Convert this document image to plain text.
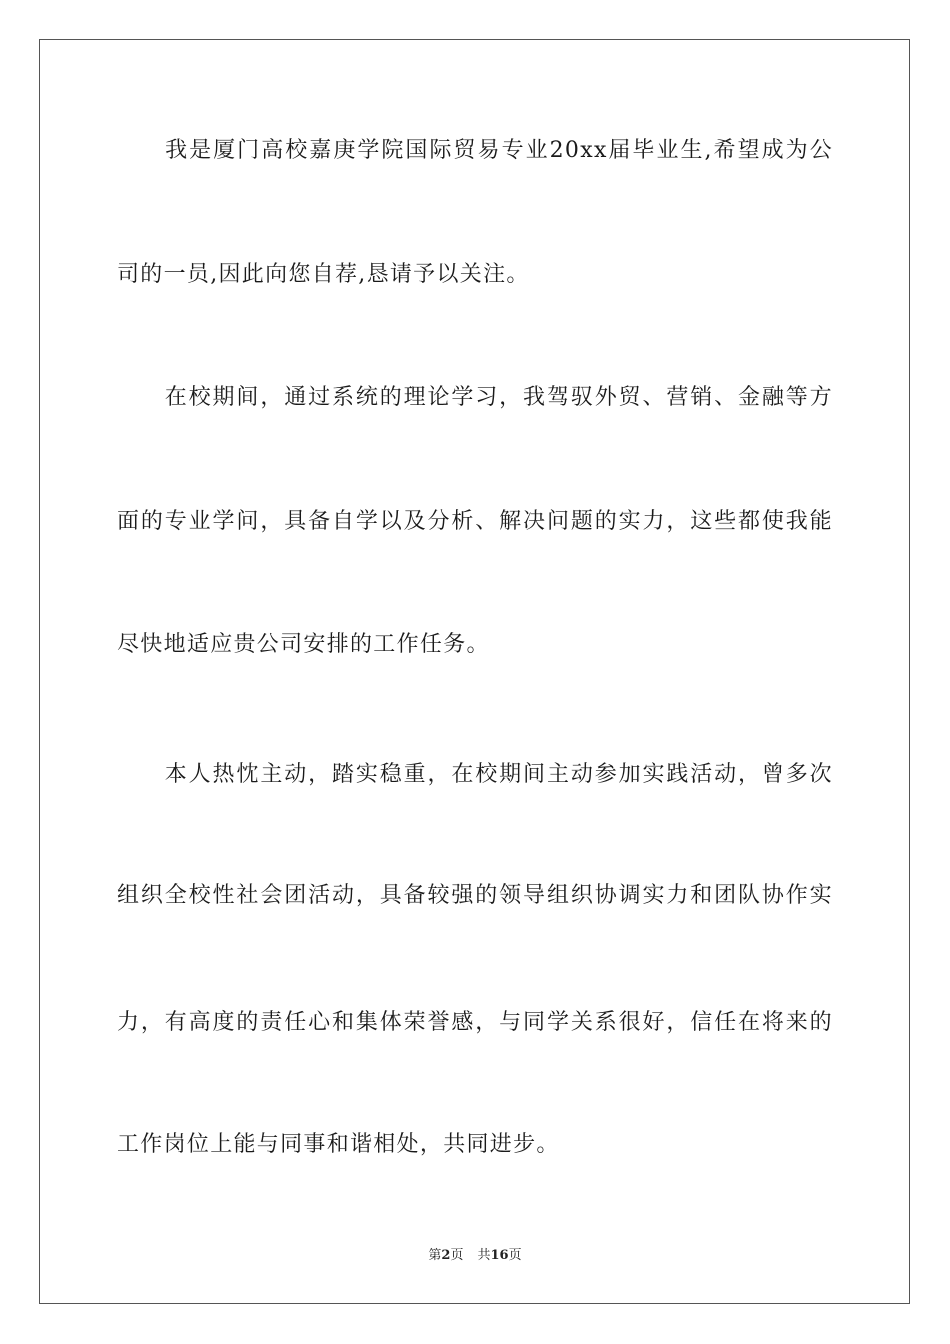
　　我是厦门高校嘉庚学院国际贸易专业20xx届毕业生,希望成为公
司的一员,因此向您自荐,恳请予以关注。
　　在校期间，通过系统的理论学习，我驾驭外贸、营销、金融等方
面的专业学问，具备自学以及分析、解决问题的实力，这些都使我能
尽快地适应贵公司安排的工作任务。
　　本人热忱主动，踏实稳重，在校期间主动参加实践活动，曾多次
组织全校性社会团活动，具备较强的领导组织协调实力和团队协作实
力，有高度的责任心和集体荣誉感，与同学关系很好，信任在将来的
工作岗位上能与同事和谐相处，共同进步。
第2页 共16页
